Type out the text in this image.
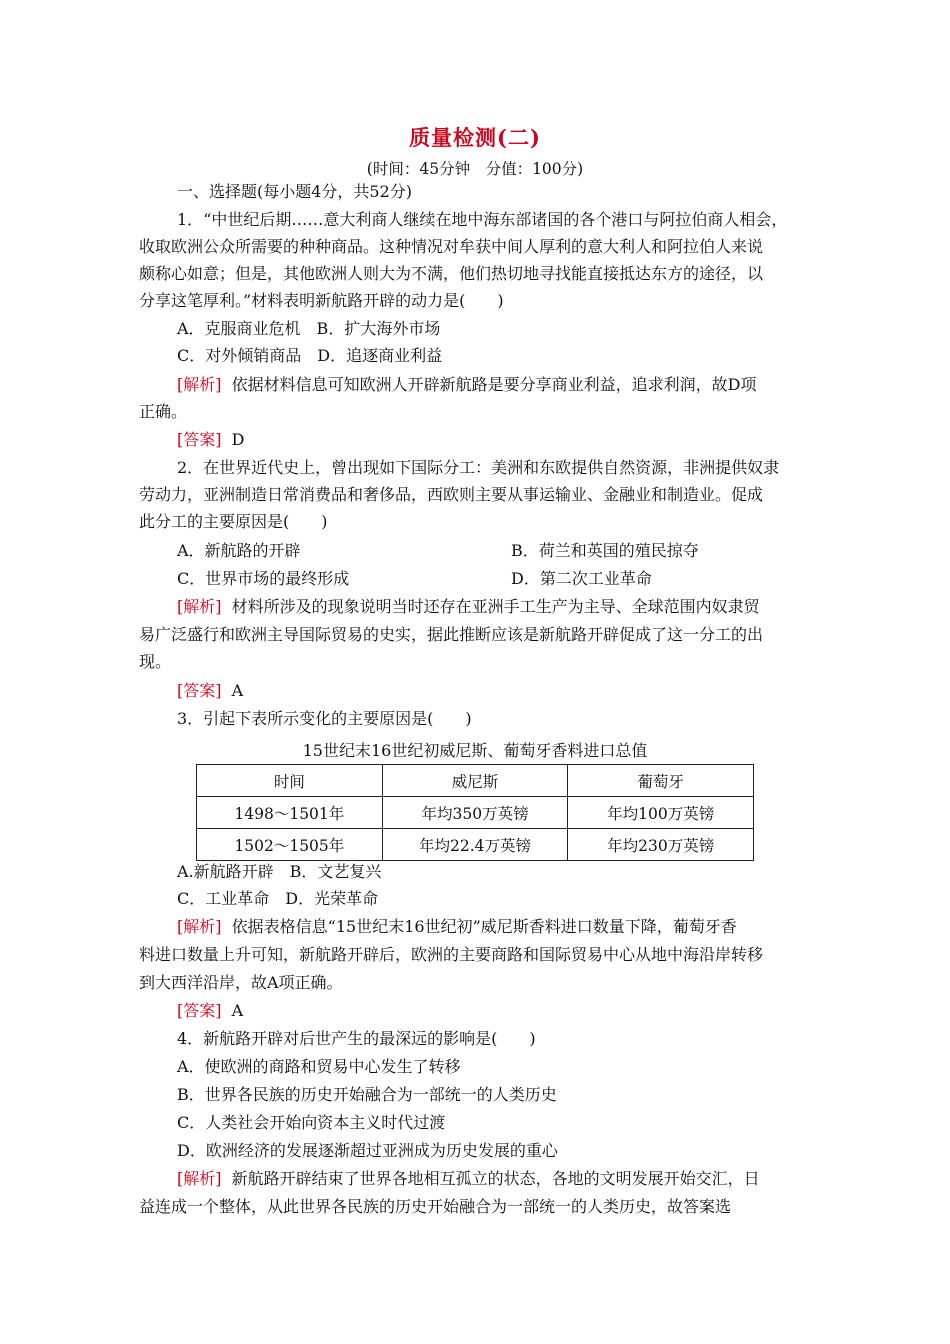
质量检测(二)
(时间：45分钟　分值：100分)
一、选择题(每小题4分，共52分)
1．“中世纪后期……意大利商人继续在地中海东部诸国的各个港口与阿拉伯商人相会，
收取欧洲公众所需要的种种商品。这种情况对牟获中间人厚利的意大利人和阿拉伯人来说
颇称心如意；但是，其他欧洲人则大为不满，他们热切地寻找能直接抵达东方的途径，以
分享这笔厚利。”材料表明新航路开辟的动力是(　　)
A．克服商业危机　B．扩大海外市场
C．对外倾销商品　D．追逐商业利益
[解析] 依据材料信息可知欧洲人开辟新航路是要分享商业利益，追求利润，故D项
正确。
[答案] D
2．在世界近代史上，曾出现如下国际分工：美洲和东欧提供自然资源，非洲提供奴隶
劳动力，亚洲制造日常消费品和奢侈品，西欧则主要从事运输业、金融业和制造业。促成
此分工的主要原因是(　　)
A．新航路的开辟	B．荷兰和英国的殖民掠夺
C．世界市场的最终形成	D．第二次工业革命
[解析] 材料所涉及的现象说明当时还存在亚洲手工生产为主导、全球范围内奴隶贸
易广泛盛行和欧洲主导国际贸易的史实，据此推断应该是新航路开辟促成了这一分工的出
现。
[答案] A
3．引起下表所示变化的主要原因是(　　)
15世纪末16世纪初威尼斯、葡萄牙香料进口总值
时间	威尼斯	葡萄牙
1498～1501年	年均350万英镑	年均100万英镑
1502～1505年	年均22.4万英镑	年均230万英镑
A.新航路开辟　B．文艺复兴
C．工业革命　D．光荣革命
[解析] 依据表格信息“15世纪末16世纪初”威尼斯香料进口数量下降，葡萄牙香
料进口数量上升可知，新航路开辟后，欧洲的主要商路和国际贸易中心从地中海沿岸转移
到大西洋沿岸，故A项正确。
[答案] A
4．新航路开辟对后世产生的最深远的影响是(　　)
A．使欧洲的商路和贸易中心发生了转移
B．世界各民族的历史开始融合为一部统一的人类历史
C．人类社会开始向资本主义时代过渡
D．欧洲经济的发展逐渐超过亚洲成为历史发展的重心
[解析] 新航路开辟结束了世界各地相互孤立的状态，各地的文明发展开始交汇，日
益连成一个整体，从此世界各民族的历史开始融合为一部统一的人类历史，故答案选
